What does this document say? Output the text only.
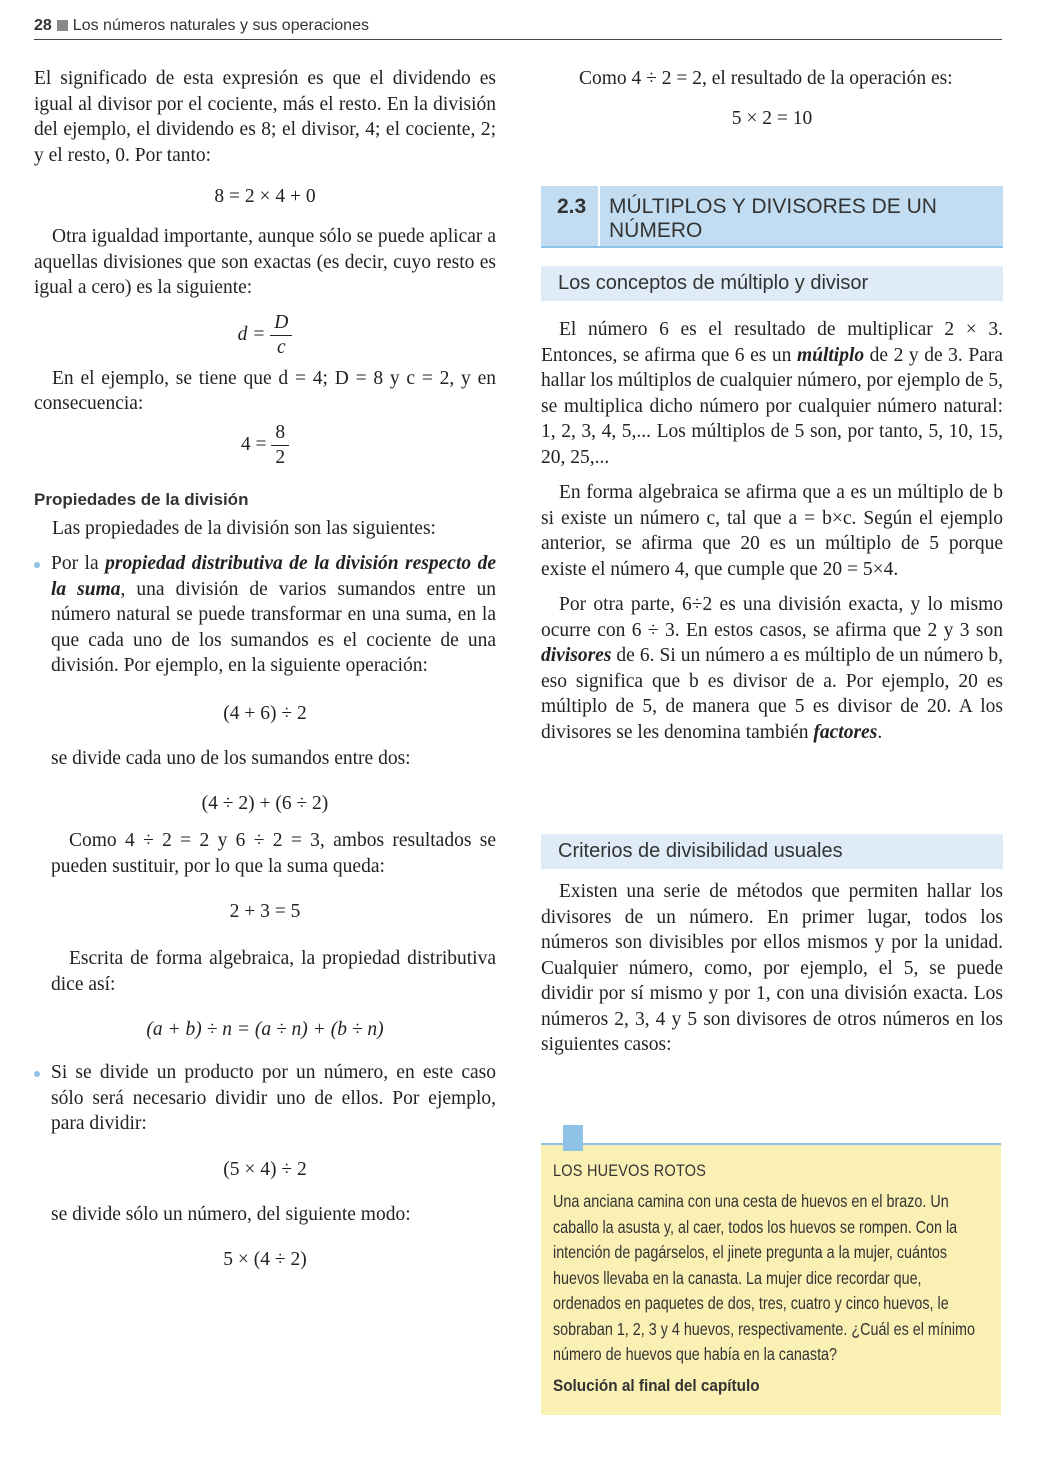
28 Los números naturales y sus operaciones

El significado de esta expresión es que el dividendo es igual al divisor por el cociente, más el resto. En la división del ejemplo, el dividendo es 8; el divisor, 4; el cociente, 2; y el resto, 0. Por tanto:

8 = 2 × 4 + 0

Otra igualdad importante, aunque sólo se puede aplicar a aquellas divisiones que son exactas (es decir, cuyo resto es igual a cero) es la siguiente:

$d = \frac{D}{c}$

En el ejemplo, se tiene que d = 4; D = 8 y c = 2, y en consecuencia:

$4 = \frac{8}{2}$
Propiedades de la división

Las propiedades de la división son las siguientes:

Por la propiedad distributiva de la división respecto de la suma, una división de varios sumandos entre un número natural se puede transformar en una suma, en la que cada uno de los sumandos es el cociente de una división. Por ejemplo, en la siguiente operación:

(4 + 6) ÷ 2

se divide cada uno de los sumandos entre dos:

(4 ÷ 2) + (6 ÷ 2)

Como 4 ÷ 2 = 2 y 6 ÷ 2 = 3, ambos resultados se pueden sustituir, por lo que la suma queda:

2 + 3 = 5

Escrita de forma algebraica, la propiedad distributiva dice así:

(a + b) ÷ n = (a ÷ n) + (b ÷ n)

Si se divide un producto por un número, en este caso sólo será necesario dividir uno de ellos. Por ejemplo, para dividir:

(5 × 4) ÷ 2

se divide sólo un número, del siguiente modo:

5 × (4 ÷ 2)

Como 4 ÷ 2 = 2, el resultado de la operación es:

5 × 2 = 10
2.3 MÚLTIPLOS Y DIVISORES DE UN NÚMERO
Los conceptos de múltiplo y divisor

El número 6 es el resultado de multiplicar 2 × 3. Entonces, se afirma que 6 es un múltiplo de 2 y de 3. Para hallar los múltiplos de cualquier número, por ejemplo de 5, se multiplica dicho número por cualquier número natural: 1, 2, 3, 4, 5,... Los múltiplos de 5 son, por tanto, 5, 10, 15, 20, 25,...

En forma algebraica se afirma que a es un múltiplo de b si existe un número c, tal que a = b×c. Según el ejemplo anterior, se afirma que 20 es un múltiplo de 5 porque existe el número 4, que cumple que 20 = 5×4.

Por otra parte, 6÷2 es una división exacta, y lo mismo ocurre con 6 ÷ 3. En estos casos, se afirma que 2 y 3 son divisores de 6. Si un número a es múltiplo de un número b, eso significa que b es divisor de a. Por ejemplo, 20 es múltiplo de 5, de manera que 5 es divisor de 20. A los divisores se les denomina también factores.

Criterios de divisibilidad usuales

Existen una serie de métodos que permiten hallar los divisores de un número. En primer lugar, todos los números son divisibles por ellos mismos y por la unidad. Cualquier número, como, por ejemplo, el 5, se puede dividir por sí mismo y por 1, con una división exacta. Los números 2, 3, 4 y 5 son divisores de otros números en los siguientes casos:

LOS HUEVOS ROTOS
Una anciana camina con una cesta de huevos en el brazo. Un caballo la asusta y, al caer, todos los huevos se rompen. Con la intención de pagárselos, el jinete pregunta a la mujer, cuántos huevos llevaba en la canasta. La mujer dice recordar que, ordenados en paquetes de dos, tres, cuatro y cinco huevos, le sobraban 1, 2, 3 y 4 huevos, respectivamente. ¿Cuál es el mínimo número de huevos que había en la canasta?
Solución al final del capítulo
